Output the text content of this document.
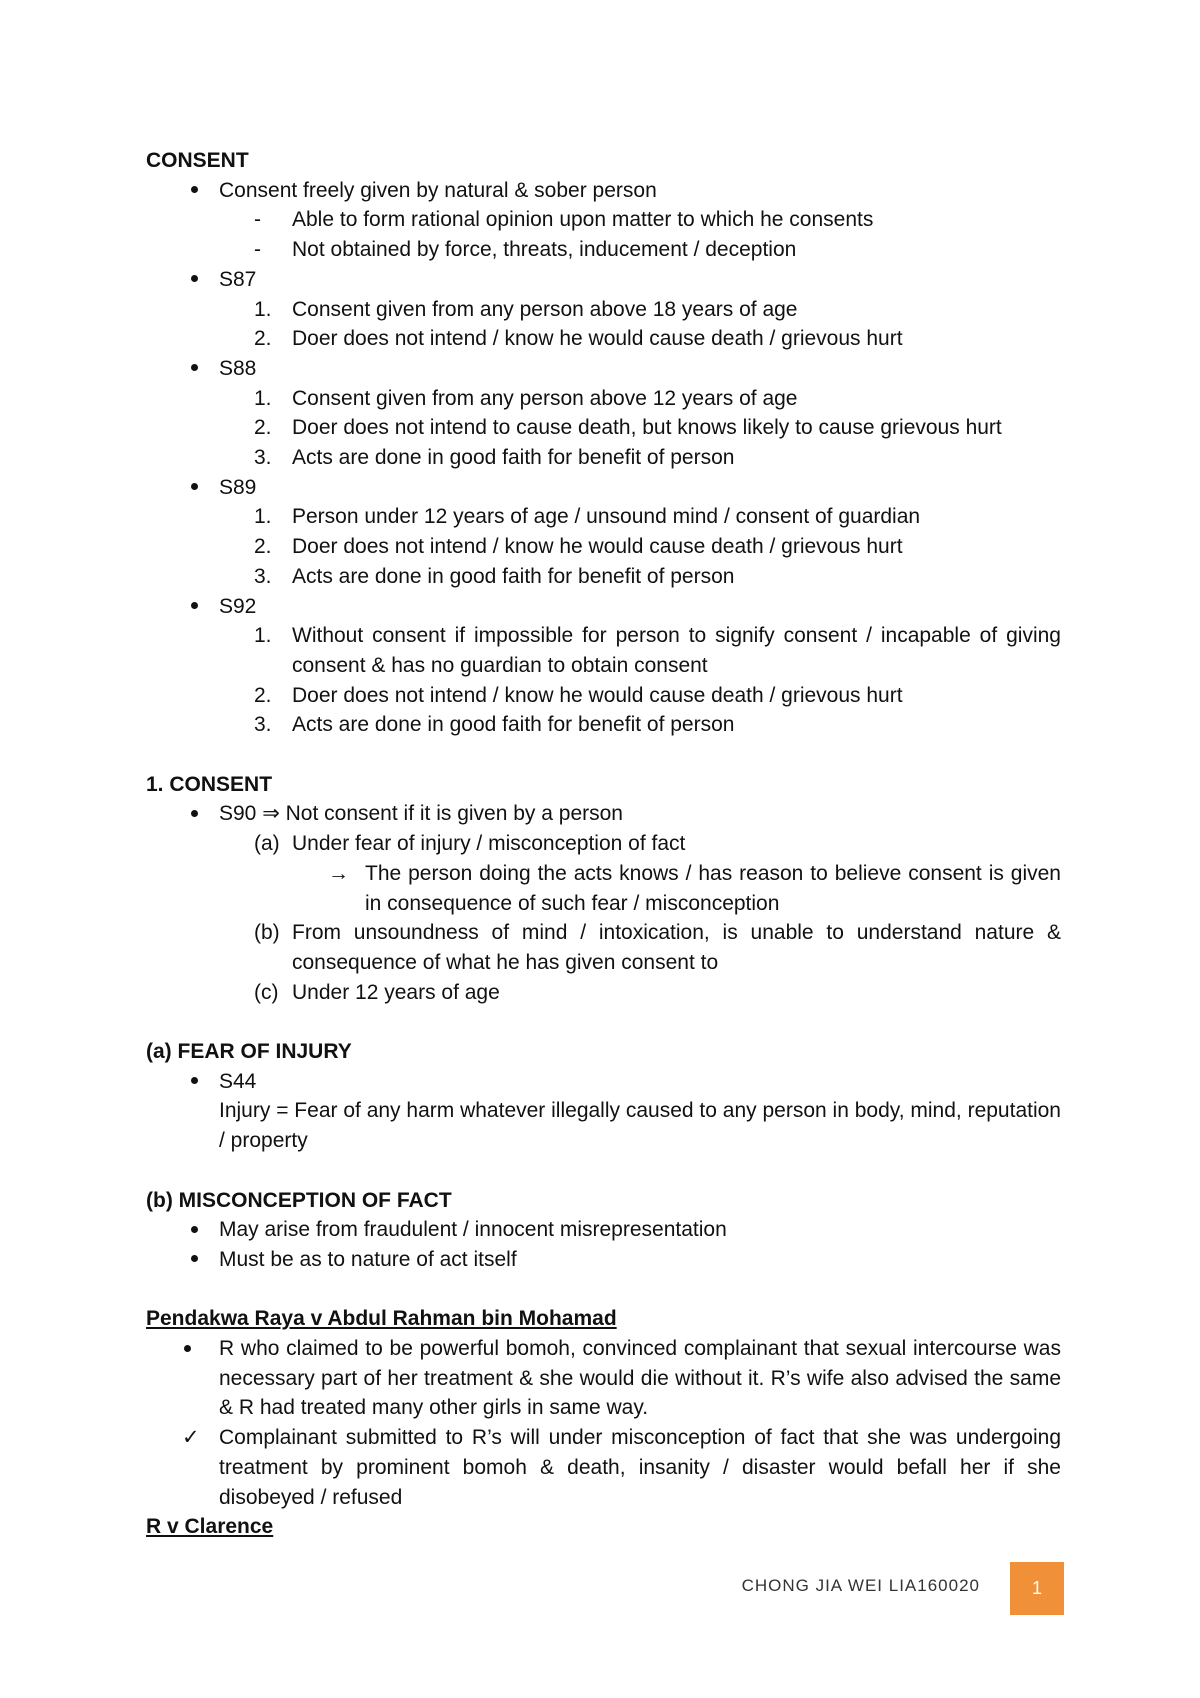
CONSENT
Consent freely given by natural & sober person
- Able to form rational opinion upon matter to which he consents
- Not obtained by force, threats, inducement / deception
S87
1. Consent given from any person above 18 years of age
2. Doer does not intend / know he would cause death / grievous hurt
S88
1. Consent given from any person above 12 years of age
2. Doer does not intend to cause death, but knows likely to cause grievous hurt
3. Acts are done in good faith for benefit of person
S89
1. Person under 12 years of age / unsound mind / consent of guardian
2. Doer does not intend / know he would cause death / grievous hurt
3. Acts are done in good faith for benefit of person
S92
1. Without consent if impossible for person to signify consent / incapable of giving consent & has no guardian to obtain consent
2. Doer does not intend / know he would cause death / grievous hurt
3. Acts are done in good faith for benefit of person
1. CONSENT
S90 ⇒ Not consent if it is given by a person
(a) Under fear of injury / misconception of fact
→ The person doing the acts knows / has reason to believe consent is given in consequence of such fear / misconception
(b) From unsoundness of mind / intoxication, is unable to understand nature & consequence of what he has given consent to
(c) Under 12 years of age
(a) FEAR OF INJURY
S44
Injury = Fear of any harm whatever illegally caused to any person in body, mind, reputation / property
(b) MISCONCEPTION OF FACT
May arise from fraudulent / innocent misrepresentation
Must be as to nature of act itself
Pendakwa Raya v Abdul Rahman bin Mohamad
R who claimed to be powerful bomoh, convinced complainant that sexual intercourse was necessary part of her treatment & she would die without it. R’s wife also advised the same & R had treated many other girls in same way.
✓ Complainant submitted to R’s will under misconception of fact that she was undergoing treatment by prominent bomoh & death, insanity / disaster would befall her if she disobeyed / refused
R v Clarence
CHONG JIA WEI LIA160020	1
